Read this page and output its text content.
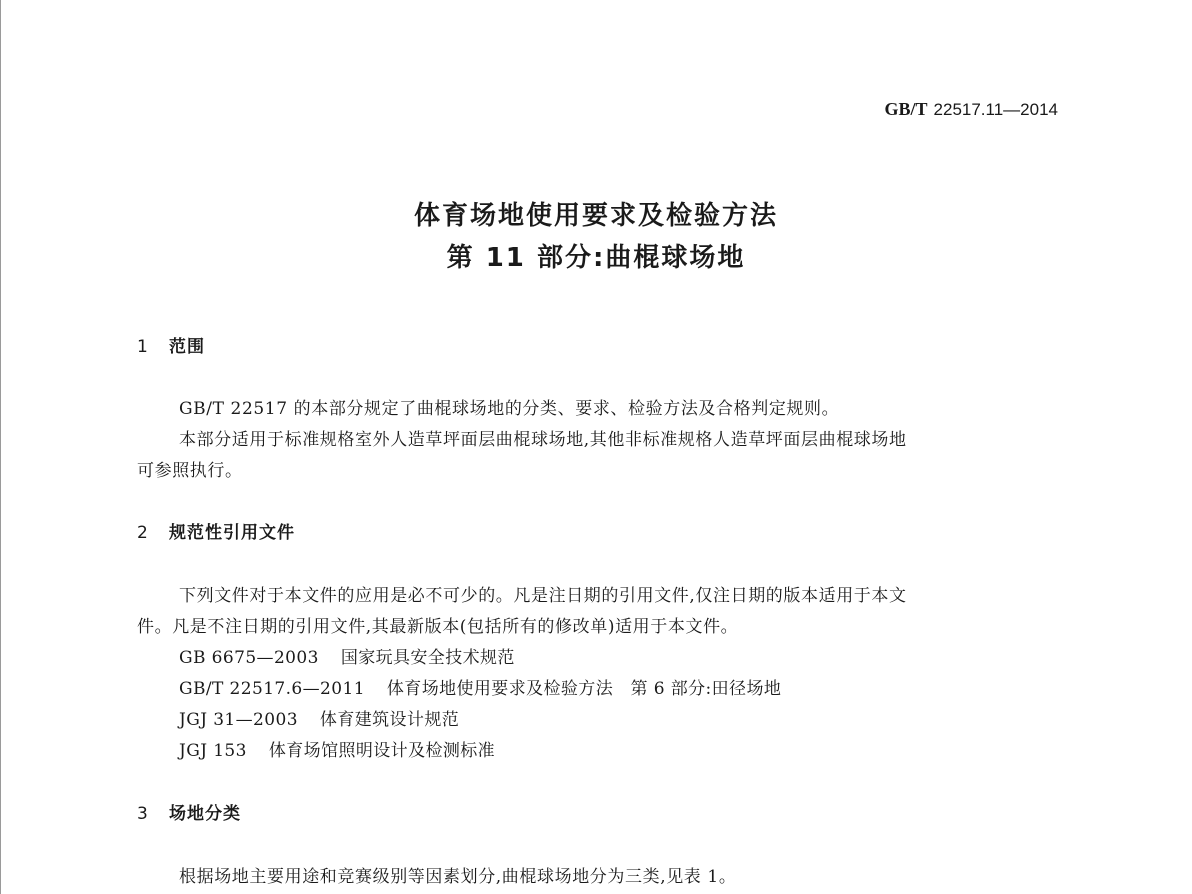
GB/T 22517.11—2014
体育场地使用要求及检验方法
第 11 部分:曲棍球场地
1 范围
GB/T 22517 的本部分规定了曲棍球场地的分类、要求、检验方法及合格判定规则。
本部分适用于标准规格室外人造草坪面层曲棍球场地,其他非标准规格人造草坪面层曲棍球场地
可参照执行。
2 规范性引用文件
下列文件对于本文件的应用是必不可少的。凡是注日期的引用文件,仅注日期的版本适用于本文
件。凡是不注日期的引用文件,其最新版本(包括所有的修改单)适用于本文件。
GB 6675—2003 国家玩具安全技术规范
GB/T 22517.6—2011 体育场地使用要求及检验方法　第 6 部分:田径场地
JGJ 31—2003 体育建筑设计规范
JGJ 153 体育场馆照明设计及检测标准
3 场地分类
根据场地主要用途和竞赛级别等因素划分,曲棍球场地分为三类,见表 1。
